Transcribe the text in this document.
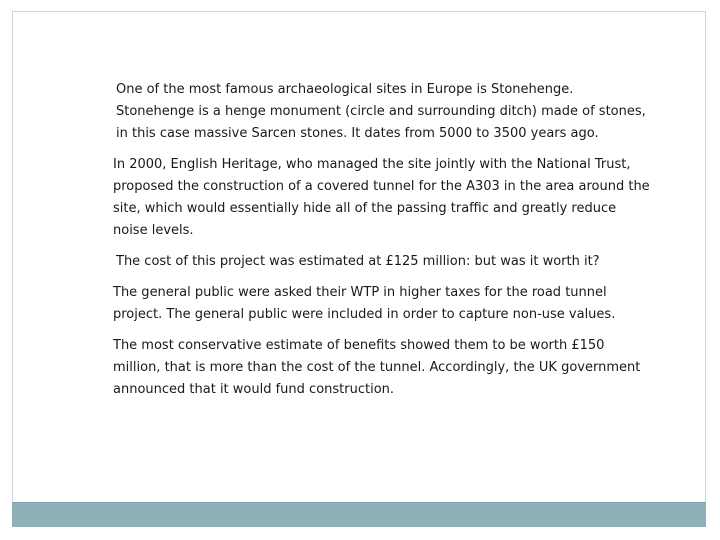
One of the most famous archaeological sites in Europe is Stonehenge. Stonehenge is a henge monument (circle and surrounding ditch) made of stones, in this case massive Sarcen stones. It dates from 5000 to 3500 years ago.

In 2000, English Heritage, who managed the site jointly with the National Trust, proposed the construction of a covered tunnel for the A303 in the area around the site, which would essentially hide all of the passing traffic and greatly reduce noise levels.

The cost of this project was estimated at £125 million: but was it worth it?

The general public were asked their WTP in higher taxes for the road tunnel project. The general public were included in order to capture non-use values.

The most conservative estimate of benefits showed them to be worth £150 million, that is more than the cost of the tunnel. Accordingly, the UK government announced that it would fund construction.
